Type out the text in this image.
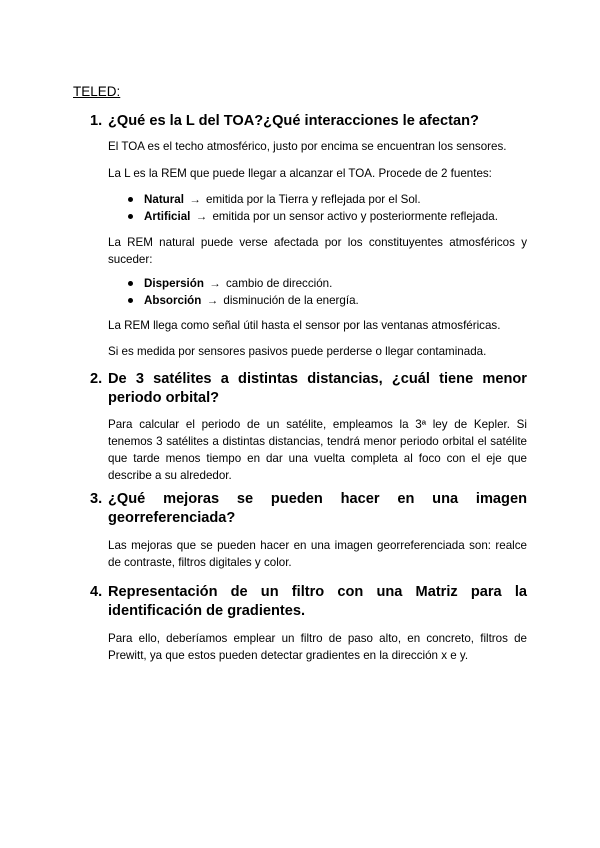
TELED:
1. ¿Qué es la L del TOA?¿Qué interacciones le afectan?
El TOA es el techo atmosférico, justo por encima se encuentran los sensores.
La L es la REM que puede llegar a alcanzar el TOA. Procede de 2 fuentes:
Natural → emitida por la Tierra y reflejada por el Sol.
Artificial → emitida por un sensor activo y posteriormente reflejada.
La REM natural puede verse afectada por los constituyentes atmosféricos y suceder:
Dispersión → cambio de dirección.
Absorción → disminución de la energía.
La REM llega como señal útil hasta el sensor por las ventanas atmosféricas.
Si es medida por sensores pasivos puede perderse o llegar contaminada.
2. De 3 satélites a distintas distancias, ¿cuál tiene menor periodo orbital?
Para calcular el periodo de un satélite, empleamos la 3ª ley de Kepler. Si tenemos 3 satélites a distintas distancias, tendrá menor periodo orbital el satélite que tarde menos tiempo en dar una vuelta completa al foco con el eje que describe a su alrededor.
3. ¿Qué mejoras se pueden hacer en una imagen georreferenciada?
Las mejoras que se pueden hacer en una imagen georreferenciada son: realce de contraste, filtros digitales y color.
4. Representación de un filtro con una Matriz para la identificación de gradientes.
Para ello, deberíamos emplear un filtro de paso alto, en concreto, filtros de Prewitt, ya que estos pueden detectar gradientes en la dirección x e y.
